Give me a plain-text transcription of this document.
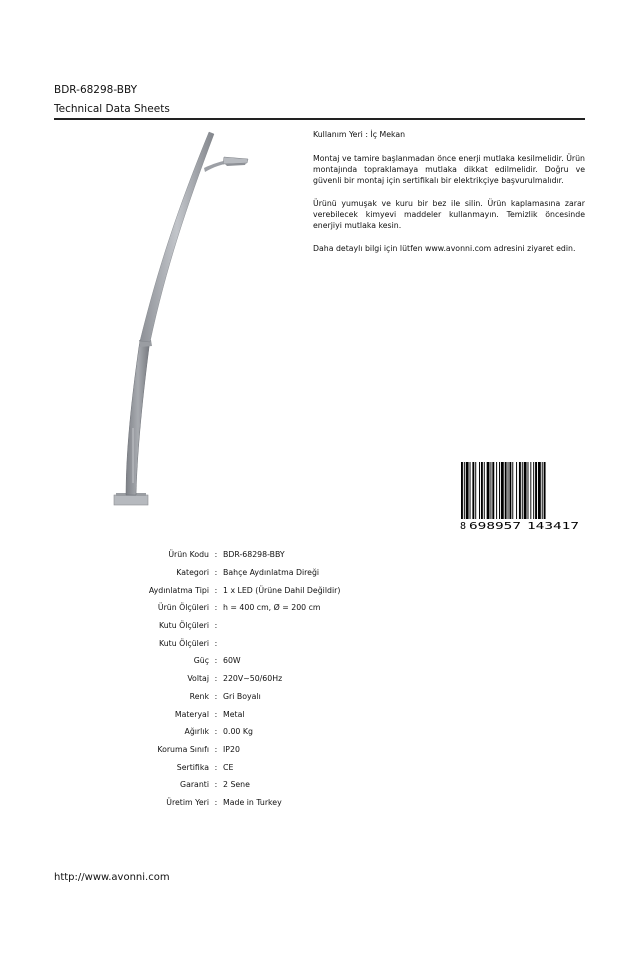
BDR-68298-BBY
Technical Data Sheets

Kullanım Yeri : İç Mekan

Montaj ve tamire başlanmadan önce enerji mutlaka kesilmelidir. Ürün montajında topraklamaya mutlaka dikkat edilmelidir. Doğru ve güvenli bir montaj için sertifikalı bir elektrikçiye başvurulmalıdır.

Ürünü yumuşak ve kuru bir bez ile silin. Ürün kaplamasına zarar verebilecek kimyevi maddeler kullanmayın. Temizlik öncesinde enerjiyi mutlaka kesin.

Daha detaylı bilgi için lütfen www.avonni.com adresini ziyaret edin.

8 698957 143417
Ürün Kodu : BDR-68298-BBY
Kategori : Bahçe Aydınlatma Direği
Aydınlatma Tipi : 1 x LED (Ürüne Dahil Değildir)
Ürün Ölçüleri : h = 400 cm, Ø = 200 cm
Kutu Ölçüleri :
Kutu Ölçüleri :
Güç : 60W
Voltaj : 220V~50/60Hz
Renk : Gri Boyalı
Materyal : Metal
Ağırlık : 0.00 Kg
Koruma Sınıfı : IP20
Sertifika : CE
Garanti : 2 Sene
Üretim Yeri : Made in Turkey
http://www.avonni.com
